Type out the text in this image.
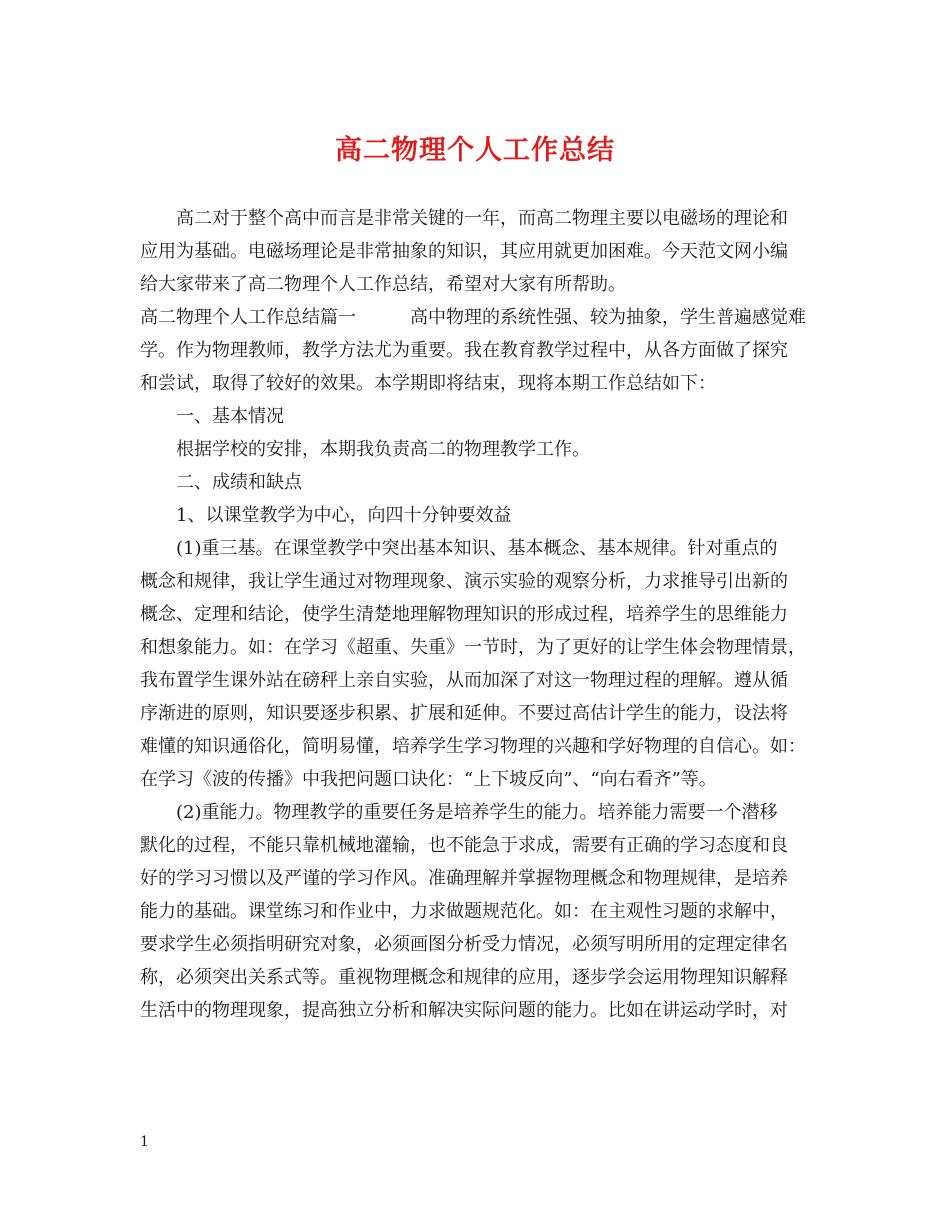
高二物理个人工作总结
　　高二对于整个高中而言是非常关键的一年，而高二物理主要以电磁场的理论和
应用为基础。电磁场理论是非常抽象的知识，其应用就更加困难。今天范文网小编
给大家带来了高二物理个人工作总结，希望对大家有所帮助。
高二物理个人工作总结篇一　　　高中物理的系统性强、较为抽象，学生普遍感觉难
学。作为物理教师，教学方法尤为重要。我在教育教学过程中，从各方面做了探究
和尝试，取得了较好的效果。本学期即将结束，现将本期工作总结如下：
　　一、基本情况
　　根据学校的安排，本期我负责高二的物理教学工作。
　　二、成绩和缺点
　　1、以课堂教学为中心，向四十分钟要效益
　　(1)重三基。在课堂教学中突出基本知识、基本概念、基本规律。针对重点的
概念和规律，我让学生通过对物理现象、演示实验的观察分析，力求推导引出新的
概念、定理和结论，使学生清楚地理解物理知识的形成过程，培养学生的思维能力
和想象能力。如：在学习《超重、失重》一节时，为了更好的让学生体会物理情景，
我布置学生课外站在磅秤上亲自实验，从而加深了对这一物理过程的理解。遵从循
序渐进的原则，知识要逐步积累、扩展和延伸。不要过高估计学生的能力，设法将
难懂的知识通俗化，简明易懂，培养学生学习物理的兴趣和学好物理的自信心。如：
在学习《波的传播》中我把问题口诀化：“上下坡反向”、“向右看齐”等。
　　(2)重能力。物理教学的重要任务是培养学生的能力。培养能力需要一个潜移
默化的过程，不能只靠机械地灌输，也不能急于求成，需要有正确的学习态度和良
好的学习习惯以及严谨的学习作风。准确理解并掌握物理概念和物理规律，是培养
能力的基础。课堂练习和作业中，力求做题规范化。如：在主观性习题的求解中，
要求学生必须指明研究对象，必须画图分析受力情况，必须写明所用的定理定律名
称，必须突出关系式等。重视物理概念和规律的应用，逐步学会运用物理知识解释
生活中的物理现象，提高独立分析和解决实际问题的能力。比如在讲运动学时，对
1
